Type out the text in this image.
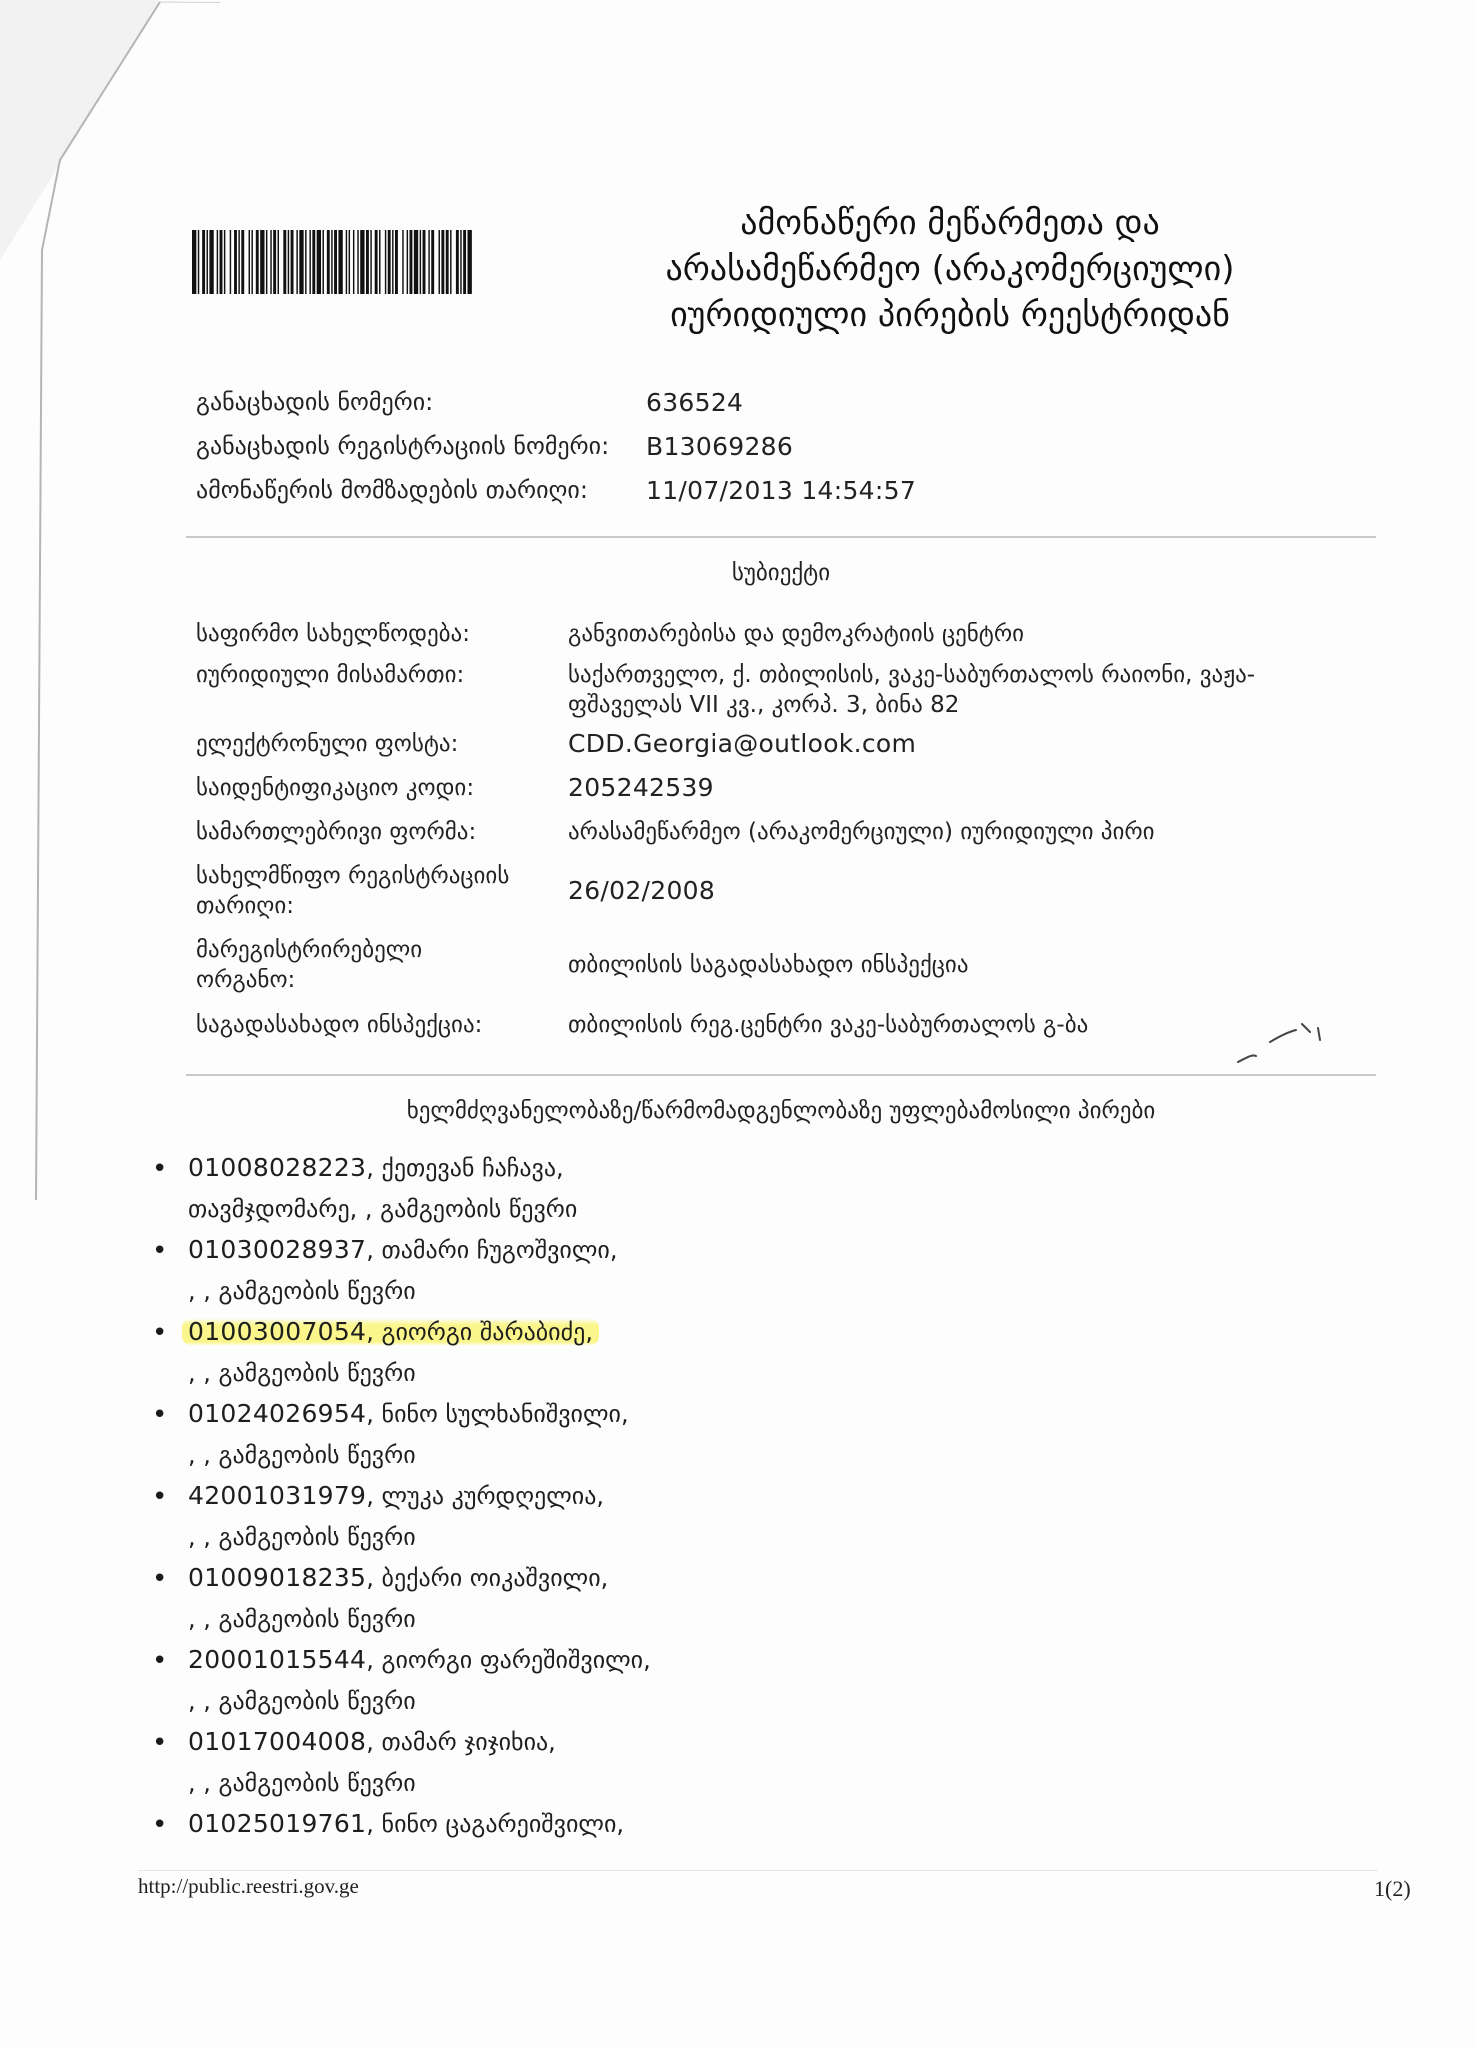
ამონაწერი მეწარმეთა და
არასამეწარმეო (არაკომერციული)
იურიდიული პირების რეესტრიდან
განაცხადის ნომერი:	636524
განაცხადის რეგისტრაციის ნომერი:	B13069286
ამონაწერის მომზადების თარიღი:	11/07/2013 14:54:57
სუბიექტი
საფირმო სახელწოდება:	განვითარებისა და დემოკრატიის ცენტრი
იურიდიული მისამართი:	საქართველო, ქ. თბილისის, ვაკე-საბურთალოს რაიონი, ვაჟა-ფშაველას VII კვ., კორპ. 3, ბინა 82
ელექტრონული ფოსტა:	CDD.Georgia@outlook.com
საიდენტიფიკაციო კოდი:	205242539
სამართლებრივი ფორმა:	არასამეწარმეო (არაკომერციული) იურიდიული პირი
სახელმწიფო რეგისტრაციის თარიღი:
26/02/2008
მარეგისტრირებელი ორგანო:
თბილისის საგადასახადო ინსპექცია
საგადასახადო ინსპექცია:	თბილისის რეგ.ცენტრი ვაკე-საბურთალოს გ-ბა
ხელმძღვანელობაზე/წარმომადგენლობაზე უფლებამოსილი პირები
• 01008028223, ქეთევან ჩაჩავა,
თავმჯდომარე, , გამგეობის წევრი
• 01030028937, თამარი ჩუგოშვილი,
, , გამგეობის წევრი
• 01003007054, გიორგი შარაბიძე,
, , გამგეობის წევრი
• 01024026954, ნინო სულხანიშვილი,
, , გამგეობის წევრი
• 42001031979, ლუკა კურდღელია,
, , გამგეობის წევრი
• 01009018235, ბექარი ოიკაშვილი,
, , გამგეობის წევრი
• 20001015544, გიორგი ფარეშიშვილი,
, , გამგეობის წევრი
• 01017004008, თამარ ჯიჯიხია,
, , გამგეობის წევრი
• 01025019761, ნინო ცაგარეიშვილი,
http://public.reestri.gov.ge	1(2)
